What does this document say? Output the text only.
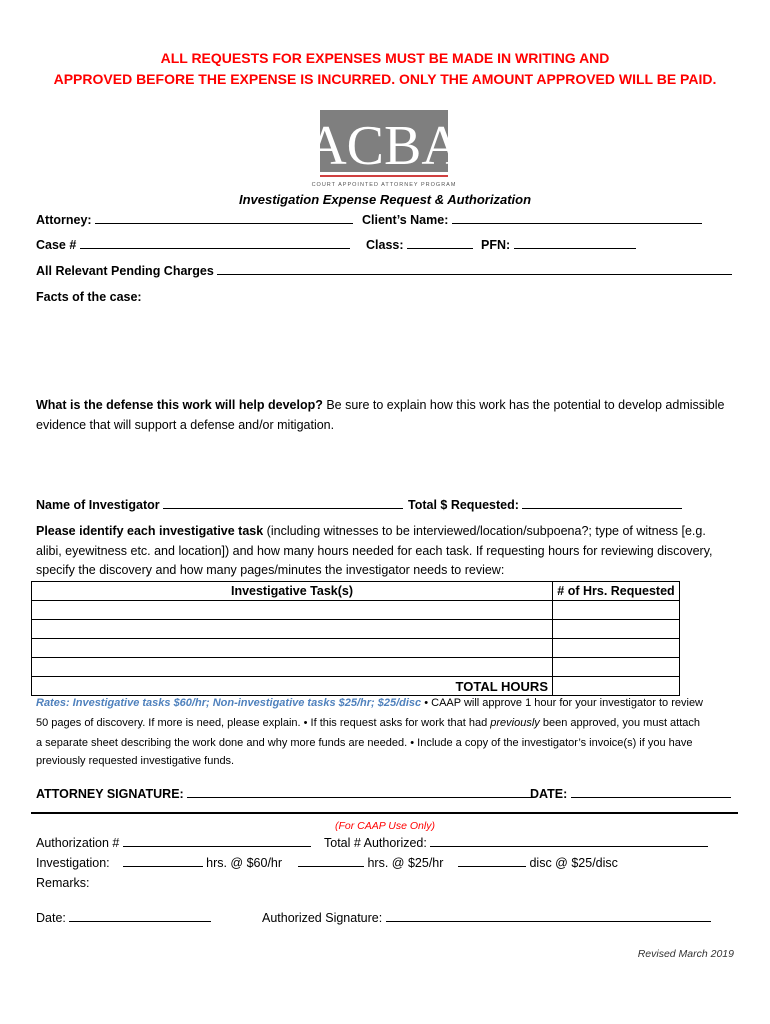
ALL REQUESTS FOR EXPENSES MUST BE MADE IN WRITING AND
APPROVED BEFORE THE EXPENSE IS INCURRED. ONLY THE AMOUNT APPROVED WILL BE PAID.
ACBA
COURT APPOINTED ATTORNEY PROGRAM
Investigation Expense Request & Authorization
Attorney:	Client’s Name:
Case #	Class:	PFN:
All Relevant Pending Charges
Facts of the case:
What is the defense this work will help develop? Be sure to explain how this work has the potential to develop admissible
evidence that will support a defense and/or mitigation.
Name of Investigator	Total $ Requested:
Please identify each investigative task (including witnesses to be interviewed/location/subpoena?; type of witness [e.g.
alibi, eyewitness etc. and location]) and how many hours needed for each task. If requesting hours for reviewing discovery,
specify the discovery and how many pages/minutes the investigator needs to review:
Investigative Task(s)	# of Hrs. Requested

TOTAL HOURS	
Rates: Investigative tasks $60/hr; Non-investigative tasks $25/hr; $25/disc • CAAP will approve 1 hour for your investigator to review
50 pages of discovery. If more is need, please explain. • If this request asks for work that had previously been approved, you must attach
a separate sheet describing the work done and why more funds are needed. • Include a copy of the investigator’s invoice(s) if you have
previously requested investigative funds.
ATTORNEY SIGNATURE:	DATE:
(For CAAP Use Only)
Authorization #	Total # Authorized:
Investigation:	hrs. @ $60/hr	hrs. @ $25/hr	disc @ $25/disc
Remarks:
Date:	Authorized Signature:
Revised March 2019
